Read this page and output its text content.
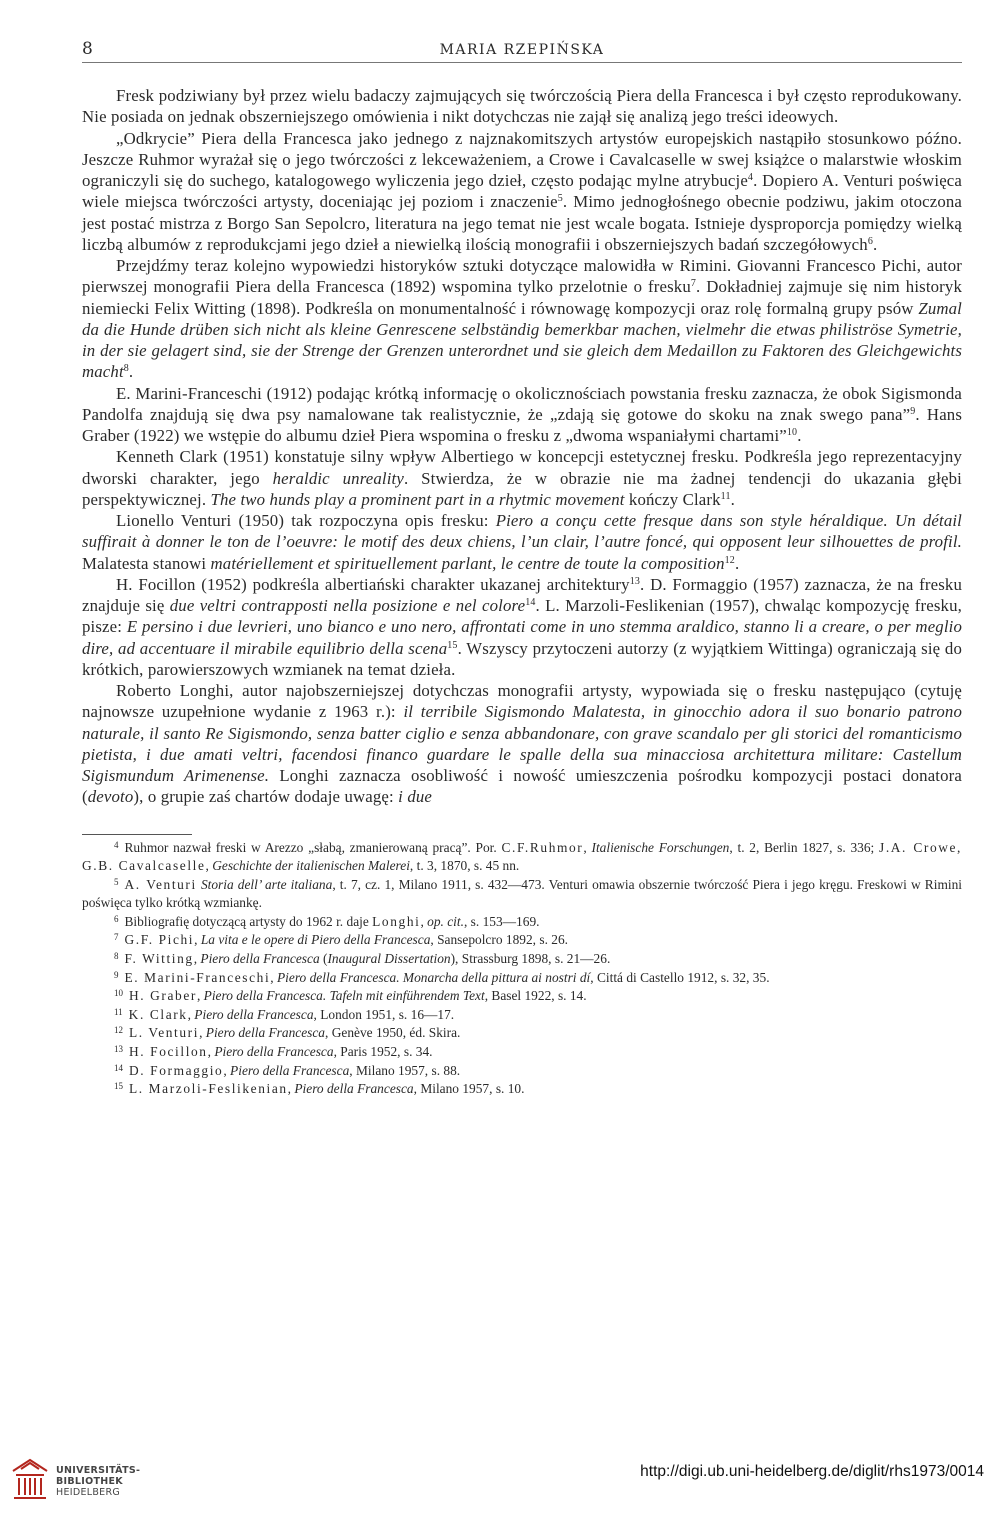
8	MARIA RZEPIŃSKA

Fresk podziwiany był przez wielu badaczy zajmujących się twórczością Piera della Francesca i był często reprodukowany. Nie posiada on jednak obszerniejszego omówienia i nikt dotychczas nie zajął się analizą jego treści ideowych.

„Odkrycie” Piera della Francesca jako jednego z najznakomitszych artystów europejskich nastąpiło stosunkowo późno. Jeszcze Ruhmor wyrażał się o jego twórczości z lekceważeniem, a Crowe i Cavalcaselle w swej książce o malarstwie włoskim ograniczyli się do suchego, katalogowego wyliczenia jego dzieł, często podając mylne atrybucje$^4$. Dopiero A. Venturi poświęca wiele miejsca twórczości artysty, doceniając jej poziom i znaczenie$^5$. Mimo jednogłośnego obecnie podziwu, jakim otoczona jest postać mistrza z Borgo San Sepolcro, literatura na jego temat nie jest wcale bogata. Istnieje dysproporcja pomiędzy wielką liczbą albumów z reprodukcjami jego dzieł a niewielką ilością monografii i obszerniejszych badań szczegółowych$^6$.

Przejdźmy teraz kolejno wypowiedzi historyków sztuki dotyczące malowidła w Rimini. Giovanni Francesco Pichi, autor pierwszej monografii Piera della Francesca (1892) wspomina tylko przelotnie o fresku$^7$. Dokładniej zajmuje się nim historyk niemiecki Felix Witting (1898). Podkreśla on monumentalność i równowagę kompozycji oraz rolę formalną grupy psów Zumal da die Hunde drüben sich nicht als kleine Genrescene selbständig bemerkbar machen, vielmehr die etwas philiströse Symetrie, in der sie gelagert sind, sie der Strenge der Grenzen unterordnet und sie gleich dem Medaillon zu Faktoren des Gleichgewichts macht$^8$.

E. Marini-Franceschi (1912) podając krótką informację o okolicznościach powstania fresku zaznacza, że obok Sigismonda Pandolfa znajdują się dwa psy namalowane tak realistycznie, że „zdają się gotowe do skoku na znak swego pana”$^9$. Hans Graber (1922) we wstępie do albumu dzieł Piera wspomina o fresku z „dwoma wspaniałymi chartami”$^{10}$.

Kenneth Clark (1951) konstatuje silny wpływ Albertiego w koncepcji estetycznej fresku. Podkreśla jego reprezentacyjny dworski charakter, jego heraldic unreality. Stwierdza, że w obrazie nie ma żadnej tendencji do ukazania głębi perspektywicznej. The two hunds play a prominent part in a rhytmic movement kończy Clark$^{11}$.

Lionello Venturi (1950) tak rozpoczyna opis fresku: Piero a conçu cette fresque dans son style héraldique. Un détail suffirait à donner le ton de l’oeuvre: le motif des deux chiens, l’un clair, l’autre foncé, qui opposent leur silhouettes de profil. Malatesta stanowi matériellement et spirituellement parlant, le centre de toute la composition$^{12}$.

H. Focillon (1952) podkreśla albertiański charakter ukazanej architektury$^{13}$. D. Formaggio (1957) zaznacza, że na fresku znajduje się due veltri contrapposti nella posizione e nel colore$^{14}$. L. Marzoli-Feslikenian (1957), chwaląc kompozycję fresku, pisze: E persino i due levrieri, uno bianco e uno nero, affrontati come in uno stemma araldico, stanno li a creare, o per meglio dire, ad accentuare il mirabile equilibrio della scena$^{15}$. Wszyscy przytoczeni autorzy (z wyjątkiem Wittinga) ograniczają się do krótkich, parowierszowych wzmianek na temat dzieła.

Roberto Longhi, autor najobszerniejszej dotychczas monografii artysty, wypowiada się o fresku następująco (cytuję najnowsze uzupełnione wydanie z 1963 r.): il terribile Sigismondo Malatesta, in ginocchio adora il suo bonario patrono naturale, il santo Re Sigismondo, senza batter ciglio e senza abbandonare, con grave scandalo per gli storici del romanticismo pietista, i due amati veltri, facendosi financo guardare le spalle della sua minacciosa architettura militare: Castellum Sigismundum Arimenense. Longhi zaznacza osobliwość i nowość umieszczenia pośrodku kompozycji postaci donatora (devoto), o grupie zaś chartów dodaje uwagę: i due

$^4$ Ruhmor nazwał freski w Arezzo „słabą, zmanierowaną pracą”. Por. C.F.Ruhmor, Italienische Forschungen, t. 2, Berlin 1827, s. 336; J.A. Crowe, G.B. Cavalcaselle, Geschichte der italienischen Malerei, t. 3, 1870, s. 45 nn.

$^5$ A. Venturi Storia dell’ arte italiana, t. 7, cz. 1, Milano 1911, s. 432—473. Venturi omawia obszernie twórczość Piera i jego kręgu. Freskowi w Rimini poświęca tylko krótką wzmiankę.

$^6$ Bibliografię dotyczącą artysty do 1962 r. daje Longhi, op. cit., s. 153—169.

$^7$ G.F. Pichi, La vita e le opere di Piero della Francesca, Sansepolcro 1892, s. 26.

$^8$ F. Witting, Piero della Francesca (Inaugural Dissertation), Strassburg 1898, s. 21—26.

$^9$ E. Marini-Franceschi, Piero della Francesca. Monarcha della pittura ai nostri dí, Cittá di Castello 1912, s. 32, 35.

$^{10}$ H. Graber, Piero della Francesca. Tafeln mit einführendem Text, Basel 1922, s. 14.

$^{11}$ K. Clark, Piero della Francesca, London 1951, s. 16—17.

$^{12}$ L. Venturi, Piero della Francesca, Genève 1950, éd. Skira.

$^{13}$ H. Focillon, Piero della Francesca, Paris 1952, s. 34.

$^{14}$ D. Formaggio, Piero della Francesca, Milano 1957, s. 88.

$^{15}$ L. Marzoli-Feslikenian, Piero della Francesca, Milano 1957, s. 10.

UNIVERSITÄTS-
BIBLIOTHEK
HEIDELBERG
http://digi.ub.uni-heidelberg.de/diglit/rhs1973/0014
